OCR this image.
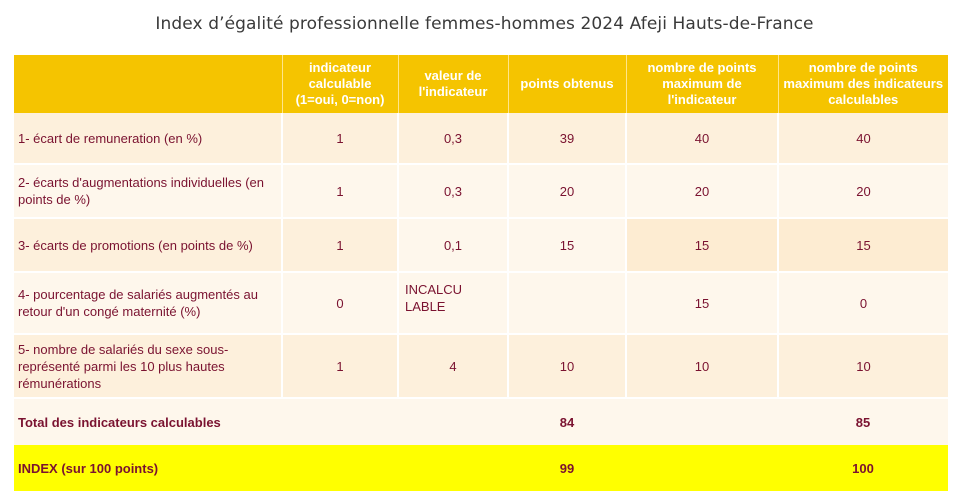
Index d’égalité professionnelle femmes-hommes 2024 Afeji Hauts-de-France
	indicateur calculable (1=oui, 0=non)	valeur de l'indicateur	points obtenus	nombre de points maximum de l'indicateur	nombre de points maximum des indicateurs calculables
1- écart de remuneration (en %)	1	0,3	39	40	40
2- écarts d'augmentations individuelles (en points de %)	1	0,3	20	20	20
3- écarts de promotions (en points de %)	1	0,1	15	15	15
4- pourcentage de salariés augmentés au retour d'un congé maternité (%)	0	INCALCU LABLE		15	0
5- nombre de salariés du sexe sous-représenté parmi les 10 plus hautes rémunérations	1	4	10	10	10
Total des indicateurs calculables			84		85
INDEX (sur 100 points)			99		100
